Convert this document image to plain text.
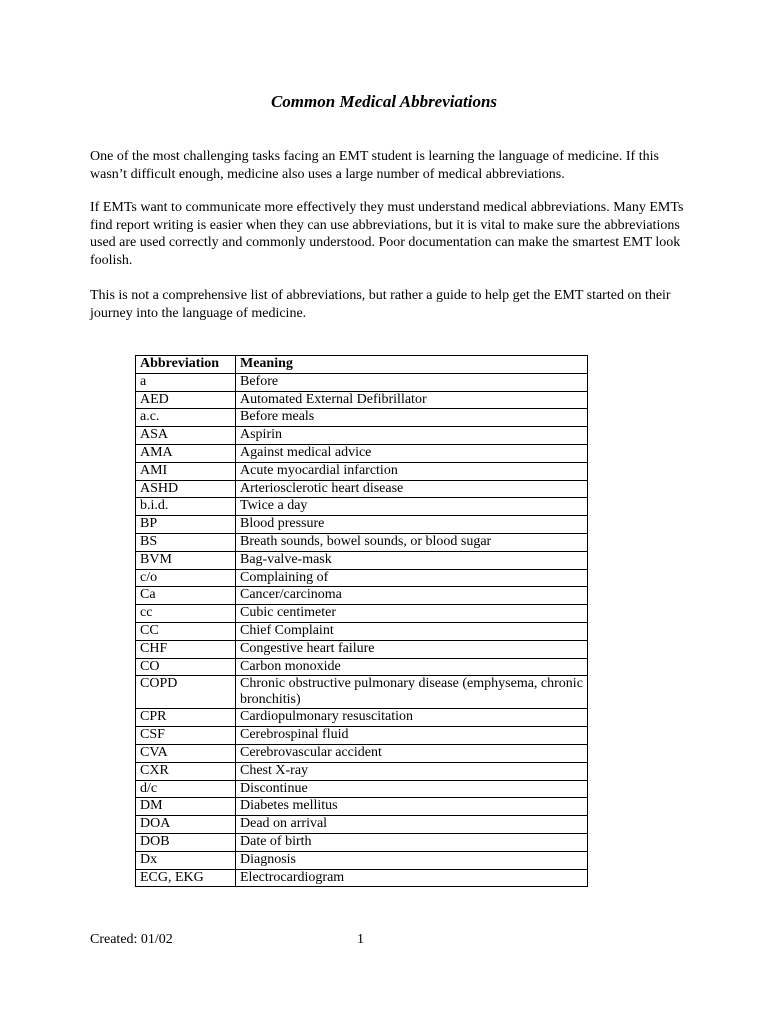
Common Medical Abbreviations

One of the most challenging tasks facing an EMT student is learning the language of medicine. If this wasn’t difficult enough, medicine also uses a large number of medical abbreviations.

If EMTs want to communicate more effectively they must understand medical abbreviations. Many EMTs find report writing is easier when they can use abbreviations, but it is vital to make sure the abbreviations used are used correctly and commonly understood. Poor documentation can make the smartest EMT look foolish.

This is not a comprehensive list of abbreviations, but rather a guide to help get the EMT started on their journey into the language of medicine.

Abbreviation	Meaning
a	Before
AED	Automated External Defibrillator
a.c.	Before meals
ASA	Aspirin
AMA	Against medical advice
AMI	Acute myocardial infarction
ASHD	Arteriosclerotic heart disease
b.i.d.	Twice a day
BP	Blood pressure
BS	Breath sounds, bowel sounds, or blood sugar
BVM	Bag-valve-mask
c/o	Complaining of
Ca	Cancer/carcinoma
cc	Cubic centimeter
CC	Chief Complaint
CHF	Congestive heart failure
CO	Carbon monoxide
COPD	Chronic obstructive pulmonary disease (emphysema, chronic bronchitis)
CPR	Cardiopulmonary resuscitation
CSF	Cerebrospinal fluid
CVA	Cerebrovascular accident
CXR	Chest X-ray
d/c	Discontinue
DM	Diabetes mellitus
DOA	Dead on arrival
DOB	Date of birth
Dx	Diagnosis
ECG, EKG	Electrocardiogram
Created: 01/02	1
